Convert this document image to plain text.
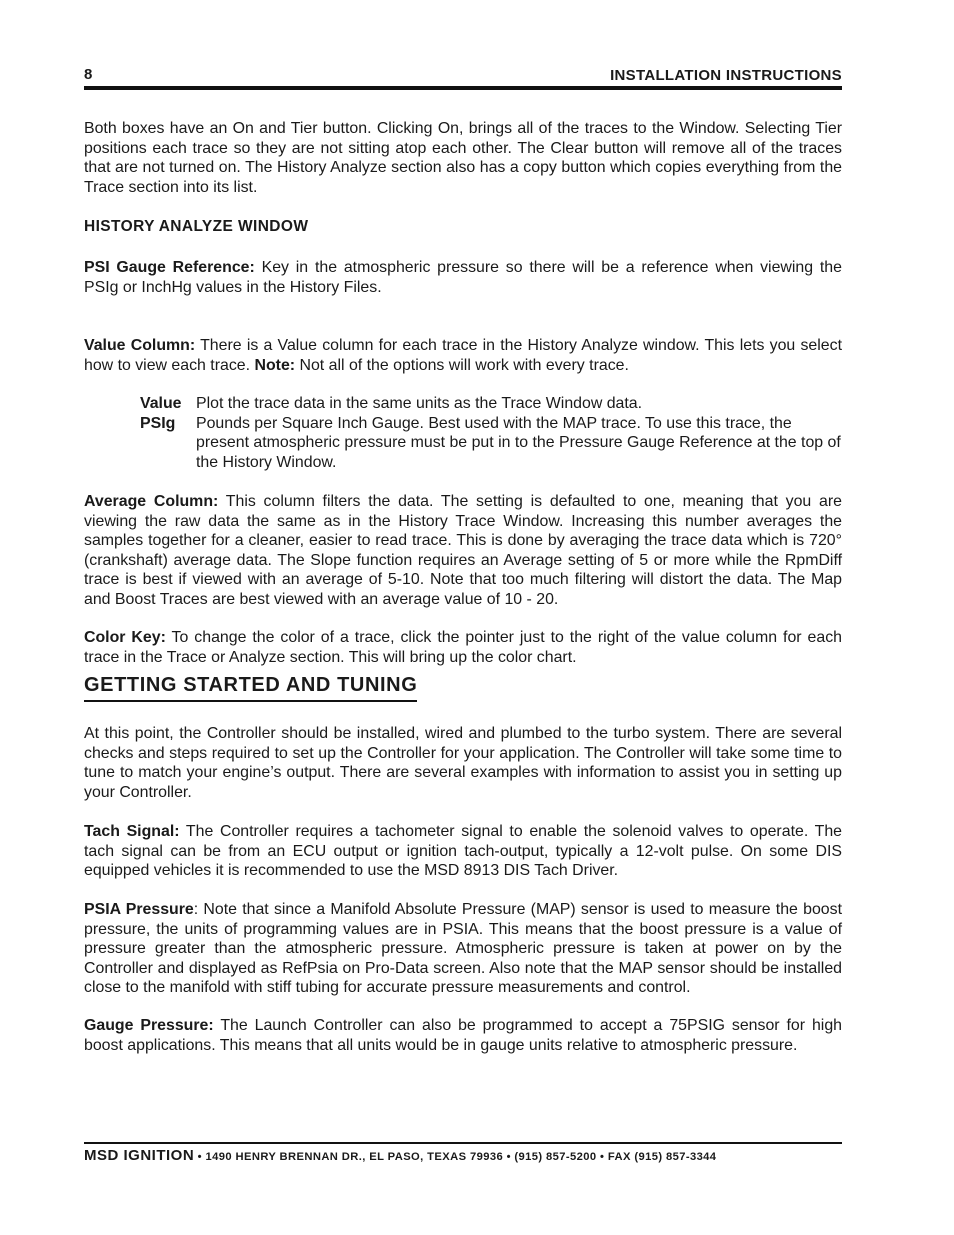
8	INSTALLATION INSTRUCTIONS

Both boxes have an On and Tier button. Clicking On, brings all of the traces to the Window. Selecting Tier positions each trace so they are not sitting atop each other. The Clear button will remove all of the traces that are not turned on. The History Analyze section also has a copy button which copies everything from the Trace section into its list.

HISTORY ANALYZE WINDOW

PSI Gauge Reference: Key in the atmospheric pressure so there will be a reference when viewing the PSIg or InchHg values in the History Files.

Value Column: There is a Value column for each trace in the History Analyze window. This lets you select how to view each trace. Note: Not all of the options will work with every trace.

Value Plot the trace data in the same units as the Trace Window data.
PSIg	Pounds per Square Inch Gauge. Best used with the MAP trace. To use this trace, the present atmospheric pressure must be put in to the Pressure Gauge Reference at the top of the History Window.

Average Column: This column filters the data. The setting is defaulted to one, meaning that you are viewing the raw data the same as in the History Trace Window. Increasing this number averages the samples together for a cleaner, easier to read trace. This is done by averaging the trace data which is 720° (crankshaft) average data. The Slope function requires an Average setting of 5 or more while the RpmDiff trace is best if viewed with an average of 5-10. Note that too much filtering will distort the data. The Map and Boost Traces are best viewed with an average value of 10 - 20.

Color Key: To change the color of a trace, click the pointer just to the right of the value column for each trace in the Trace or Analyze section. This will bring up the color chart.

GETTING STARTED AND TUNING

At this point, the Controller should be installed, wired and plumbed to the turbo system. There are several checks and steps required to set up the Controller for your application. The Controller will take some time to tune to match your engine’s output. There are several examples with information to assist you in setting up your Controller.

Tach Signal: The Controller requires a tachometer signal to enable the solenoid valves to operate. The tach signal can be from an ECU output or ignition tach-output, typically a 12-volt pulse. On some DIS equipped vehicles it is recommended to use the MSD 8913 DIS Tach Driver.

PSIA Pressure: Note that since a Manifold Absolute Pressure (MAP) sensor is used to measure the boost pressure, the units of programming values are in PSIA. This means that the boost pressure is a value of pressure greater than the atmospheric pressure. Atmospheric pressure is taken at power on by the Controller and displayed as RefPsia on Pro-Data screen. Also note that the MAP sensor should be installed close to the manifold with stiff tubing for accurate pressure measurements and control.

Gauge Pressure: The Launch Controller can also be programmed to accept a 75PSIG sensor for high boost applications. This means that all units would be in gauge units relative to atmospheric pressure.

MSD IGNITION • 1490 HENRY BRENNAN DR., EL PASO, TEXAS 79936 • (915) 857-5200 • FAX (915) 857-3344
